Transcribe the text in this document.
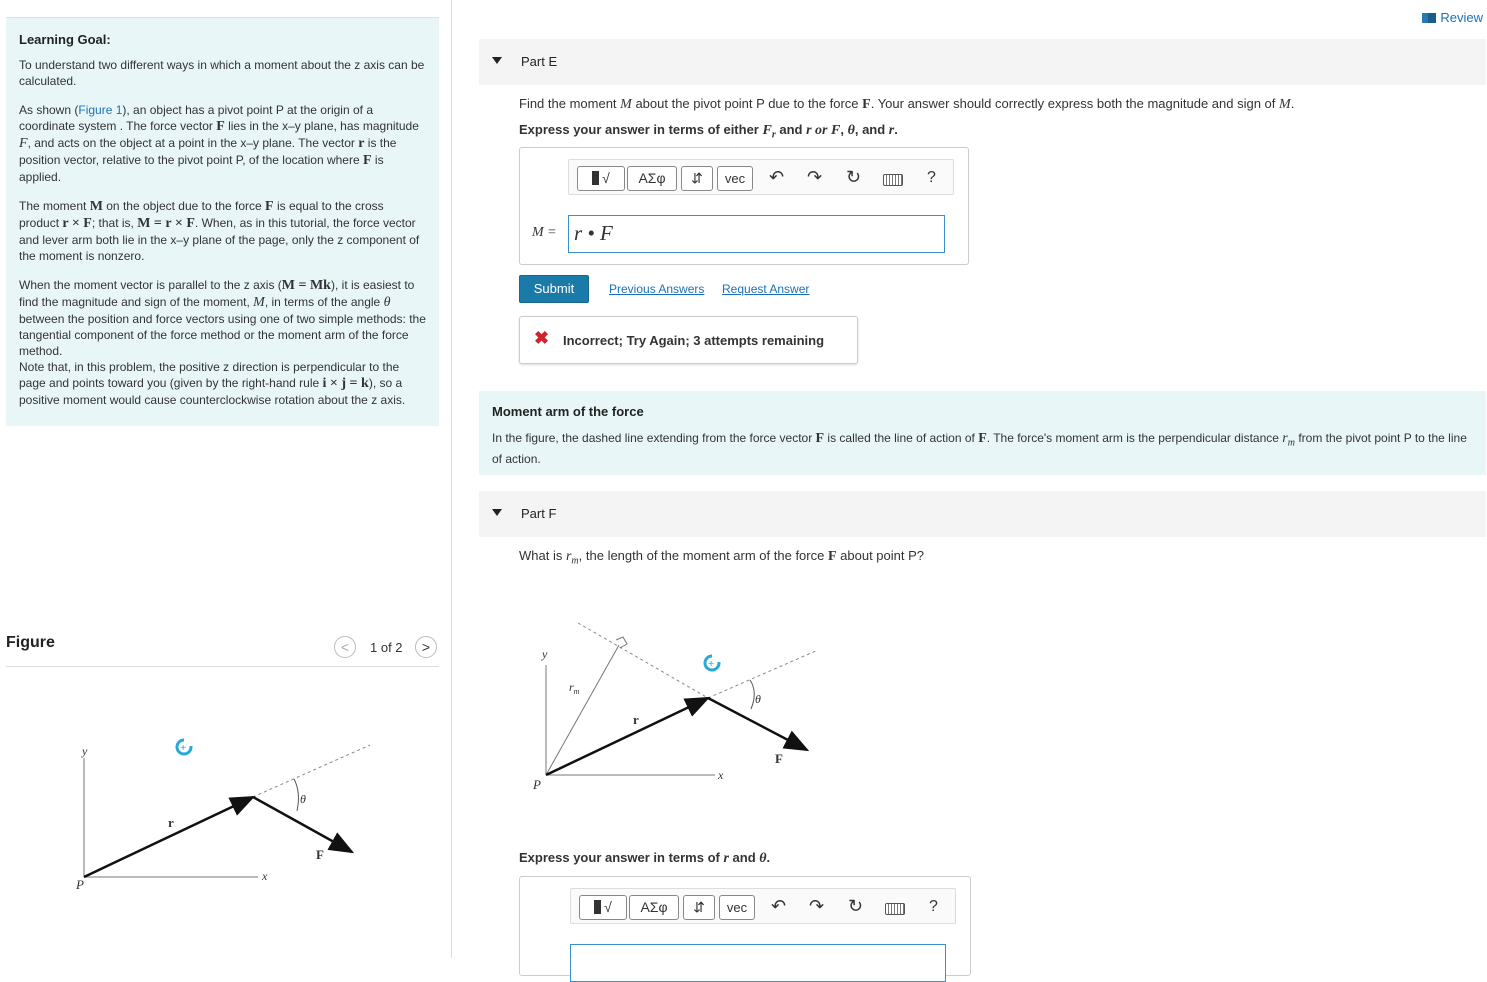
Learning Goal:

To understand two different ways in which a moment about the z axis can be calculated.

As shown (Figure 1), an object has a pivot point P at the origin of a coordinate system . The force vector F lies in the x–y plane, has magnitude F, and acts on the object at a point in the x–y plane. The vector r is the position vector, relative to the pivot point P, of the location where F is applied.

The moment M on the object due to the force F is equal to the cross product r × F; that is, M = r × F. When, as in this tutorial, the force vector and lever arm both lie in the x–y plane of the page, only the z component of the moment is nonzero.

When the moment vector is parallel to the z axis (M = Mk), it is easiest to find the magnitude and sign of the moment, M, in terms of the angle θ between the position and force vectors using one of two simple methods: the tangential component of the force method or the moment arm of the force method.

Note that, in this problem, the positive z direction is perpendicular to the page and points toward you (given by the right-hand rule i × j = k), so a positive moment would cause counterclockwise rotation about the z axis.

Figure	<	1 of 2	>
+
y
x
P
r
F
θ
Review
Part E
Find the moment M about the pivot point P due to the force F. Your answer should correctly express both the magnitude and sign of M.
Express your answer in terms of either $F_r$ and r or F, θ, and r.
√	ΑΣφ	⇵	vec	↶ ↷ ↻	?
M = r • F
Submit	Previous Answers Request Answer
✖ Incorrect; Try Again; 3 attempts remaining
Moment arm of the force

In the figure, the dashed line extending from the force vector F is called the line of action of F. The force's moment arm is the perpendicular distance $r_m$ from the pivot point P to the line of action.

Part F
What is $r_m$, the length of the moment arm of the force F about point P?
+
y
x
P
r
F
θ
$r_m$
Express your answer in terms of r and θ.
√	ΑΣφ	⇵	vec	↶ ↷ ↻	?
